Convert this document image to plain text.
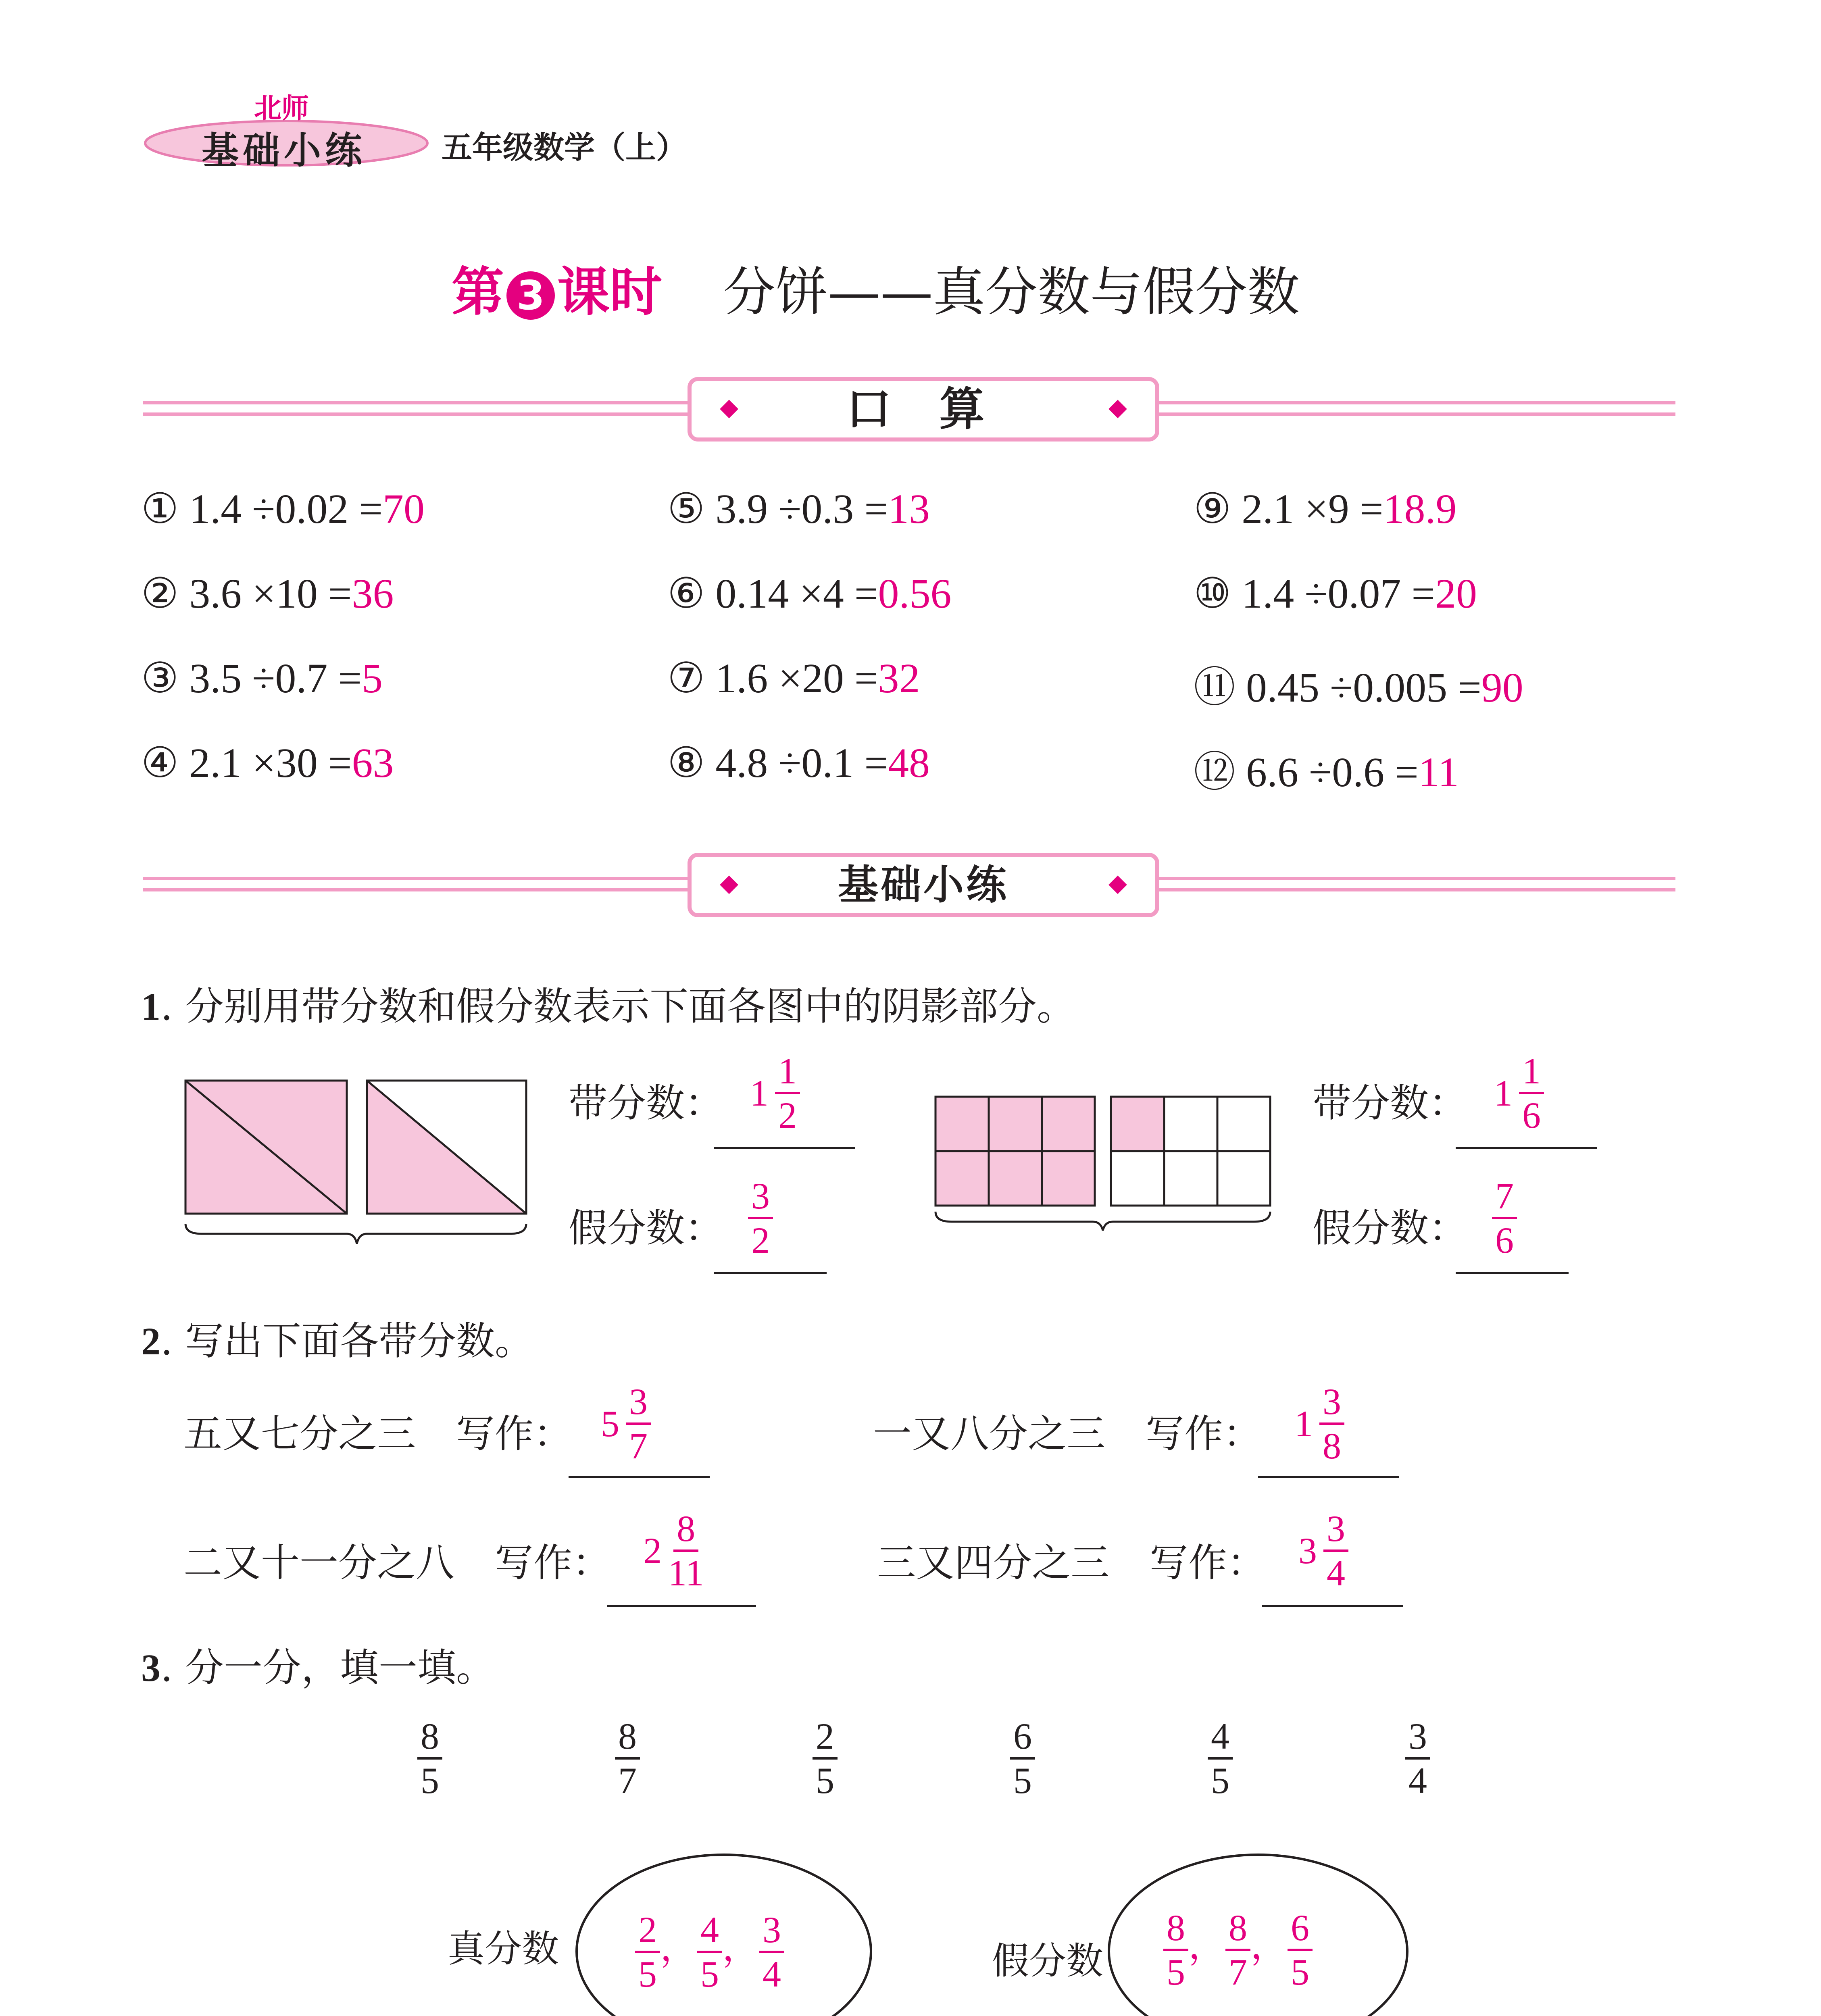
北师
基础小练 五年级数学（上）
第 3 课时 分饼——真分数与假分数
◆ 口 算	◆
① 1.4 ÷0.02 =70
② 3.6 ×10 =36
③ 3.5 ÷0.7 =5
④ 2.1 ×30 =63
⑤ 3.9 ÷0.3 =13
⑥ 0.14 ×4 =0.56
⑦ 1.6 ×20 =32
⑧ 4.8 ÷0.1 =48
⑨ 2.1 ×9 =18.9
⑩ 1.4 ÷0.07 =20
⑪ 0.45 ÷0.005 =90
⑫ 6.6 ÷0.6 =11
◆ 基础小练	◆
1. 分别用带分数和假分数表示下面各图中的阴影部分。
带分数： $1 \frac{1}{2}$
假分数： $\frac{3}{2}$
带分数： $1 \frac{1}{6}$
假分数： $\frac{7}{6}$
2. 写出下面各带分数。
五又七分之三 写作： $5 \frac{3}{7}$	一又八分之三 写作： $1 \frac{3}{8}$
二又十一分之八 写作： $2 \frac{8}{11}$	三又四分之三 写作： $3 \frac{3}{4}$
3. 分一分，填一填。
$\frac{8}{5}$	$\frac{8}{7}$	$\frac{2}{5}$	$\frac{6}{5}$	$\frac{4}{5}$	$\frac{3}{4}$
真分数 $\frac{2}{5}$ ， $\frac{4}{5}$ ， $\frac{3}{4}$	假分数 $\frac{8}{5}$ ， $\frac{8}{7}$ ， $\frac{6}{5}$
